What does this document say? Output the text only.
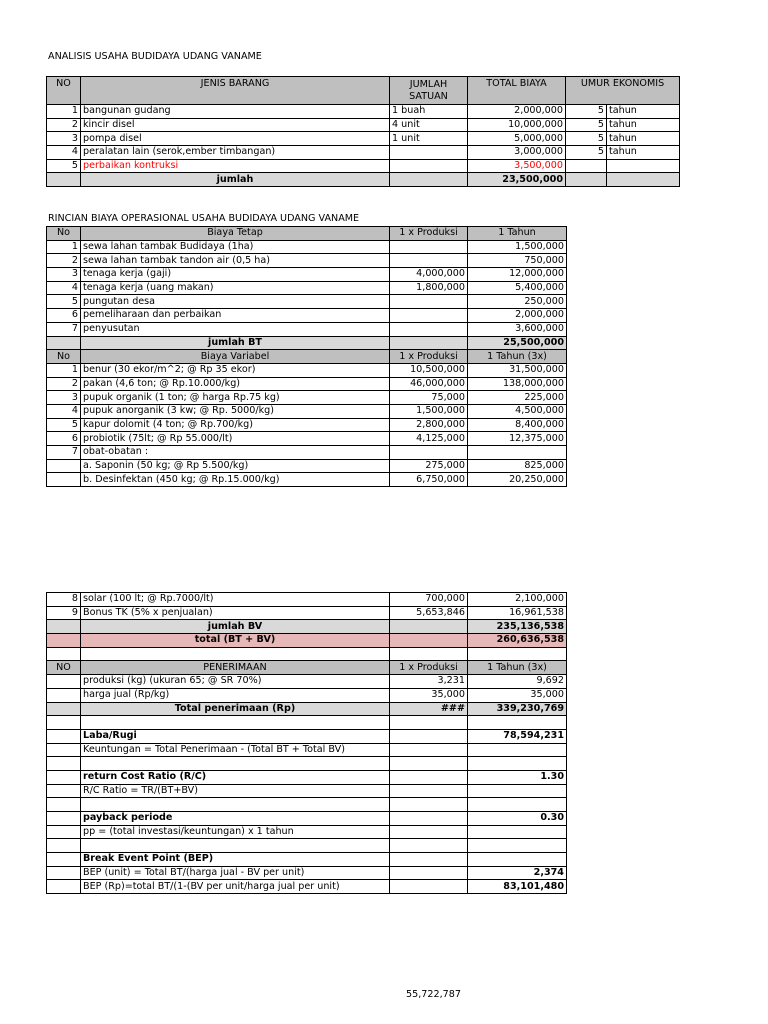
ANALISIS USAHA BUDIDAYA UDANG VANAME
NO	JENIS BARANG	JUMLAH SATUAN	TOTAL BIAYA	UMUR EKONOMIS	
1	bangunan gudang	1 buah	2,000,000	5	tahun
2	kincir disel	4 unit	10,000,000	5	tahun
3	pompa disel	1 unit	5,000,000	5	tahun
4	peralatan lain (serok,ember timbangan)		3,000,000	5	tahun
5	perbaikan kontruksi		3,500,000		
	jumlah		23,500,000		
RINCIAN BIAYA OPERASIONAL USAHA BUDIDAYA UDANG VANAME
No	Biaya Tetap	1 x Produksi	1 Tahun
1	sewa lahan tambak Budidaya (1ha)		1,500,000
2	sewa lahan tambak tandon air (0,5 ha)		750,000
3	tenaga kerja (gaji)	4,000,000	12,000,000
4	tenaga kerja (uang makan)	1,800,000	5,400,000
5	pungutan desa		250,000
6	pemeliharaan dan perbaikan		2,000,000
7	penyusutan		3,600,000
	jumlah BT		25,500,000
No	Biaya Variabel	1 x Produksi	1 Tahun (3x)
1	benur (30 ekor/m^2; @ Rp 35 ekor)	10,500,000	31,500,000
2	pakan (4,6 ton; @ Rp.10.000/kg)	46,000,000	138,000,000
3	pupuk organik (1 ton; @ harga Rp.75 kg)	75,000	225,000
4	pupuk anorganik (3 kw; @ Rp. 5000/kg)	1,500,000	4,500,000
5	kapur dolomit (4 ton; @ Rp.700/kg)	2,800,000	8,400,000
6	probiotik (75lt; @ Rp 55.000/lt)	4,125,000	12,375,000
7	obat-obatan :		
	a. Saponin (50 kg; @ Rp 5.500/kg)	275,000	825,000
	b. Desinfektan (450 kg; @ Rp.15.000/kg)	6,750,000	20,250,000
8	solar (100 lt; @ Rp.7000/lt)	700,000	2,100,000
9	Bonus TK (5% x penjualan)	5,653,846	16,961,538
	jumlah BV		235,136,538
	total (BT + BV)		260,636,538

NO	PENERIMAAN	1 x Produksi	1 Tahun (3x)
	produksi (kg) (ukuran 65; @ SR 70%)	3,231	9,692
	harga jual (Rp/kg)	35,000	35,000
	Total penerimaan (Rp)	###	339,230,769

	Laba/Rugi		78,594,231
	Keuntungan = Total Penerimaan - (Total BT + Total BV)		

	return Cost Ratio (R/C)		1.30
	R/C Ratio = TR/(BT+BV)		

	payback periode		0.30
	pp = (total investasi/keuntungan) x 1 tahun		

	Break Event Point (BEP)		
	BEP (unit) = Total BT/(harga jual - BV per unit)		2,374
	BEP (Rp)=total BT/(1-(BV per unit/harga jual per unit)		83,101,480
55,722,787
